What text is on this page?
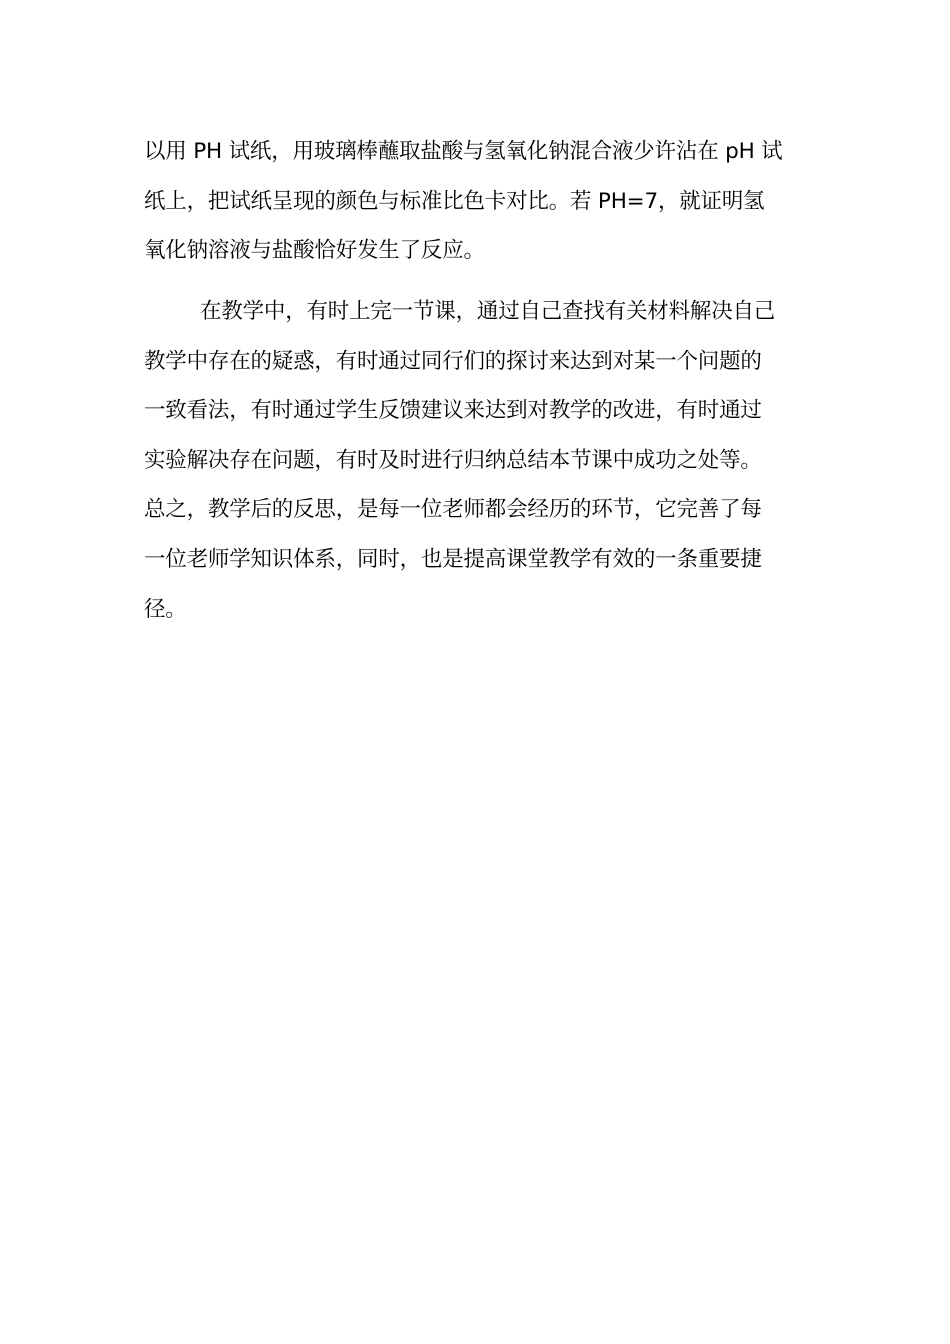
以用 PH 试纸，用玻璃棒蘸取盐酸与氢氧化钠混合液少许沾在 pH 试
纸上，把试纸呈现的颜色与标准比色卡对比。若 PH=7，就证明氢
氧化钠溶液与盐酸恰好发生了反应。
在教学中，有时上完一节课，通过自己查找有关材料解决自己
教学中存在的疑惑，有时通过同行们的探讨来达到对某一个问题的
一致看法，有时通过学生反馈建议来达到对教学的改进，有时通过
实验解决存在问题，有时及时进行归纳总结本节课中成功之处等。
总之，教学后的反思，是每一位老师都会经历的环节，它完善了每
一位老师学知识体系，同时，也是提高课堂教学有效的一条重要捷
径。
